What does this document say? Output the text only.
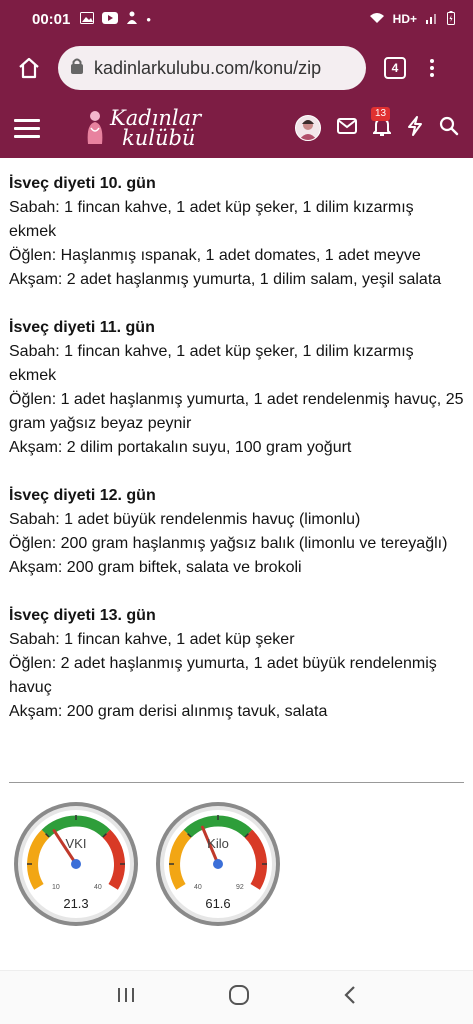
00:01	•	HD+
kadinlarkulubu.com/konu/zip	4
Kadınlar
kulübü
13
İsveç diyeti 10. gün
Sabah: 1 fincan kahve, 1 adet küp şeker, 1 dilim kızarmış ekmek
Öğlen: Haşlanmış ıspanak, 1 adet domates, 1 adet meyve
Akşam: 2 adet haşlanmış yumurta, 1 dilim salam, yeşil salata
İsveç diyeti 11. gün
Sabah: 1 fincan kahve, 1 adet küp şeker, 1 dilim kızarmış ekmek
Öğlen: 1 adet haşlanmış yumurta, 1 adet rendelenmiş havuç, 25 gram yağsız beyaz peynir
Akşam: 2 dilim portakalın suyu, 100 gram yoğurt
İsveç diyeti 12. gün
Sabah: 1 adet büyük rendelenmis havuç (limonlu)
Öğlen: 200 gram haşlanmış yağsız balık (limonlu ve tereyağlı)
Akşam: 200 gram biftek, salata ve brokoli
İsveç diyeti 13. gün
Sabah: 1 fincan kahve, 1 adet küp şeker
Öğlen: 2 adet haşlanmış yumurta, 1 adet büyük rendelenmiş havuç
Akşam: 200 gram derisi alınmış tavuk, salata
VKI
10	40
21.3
Kilo
40	92
61.6
